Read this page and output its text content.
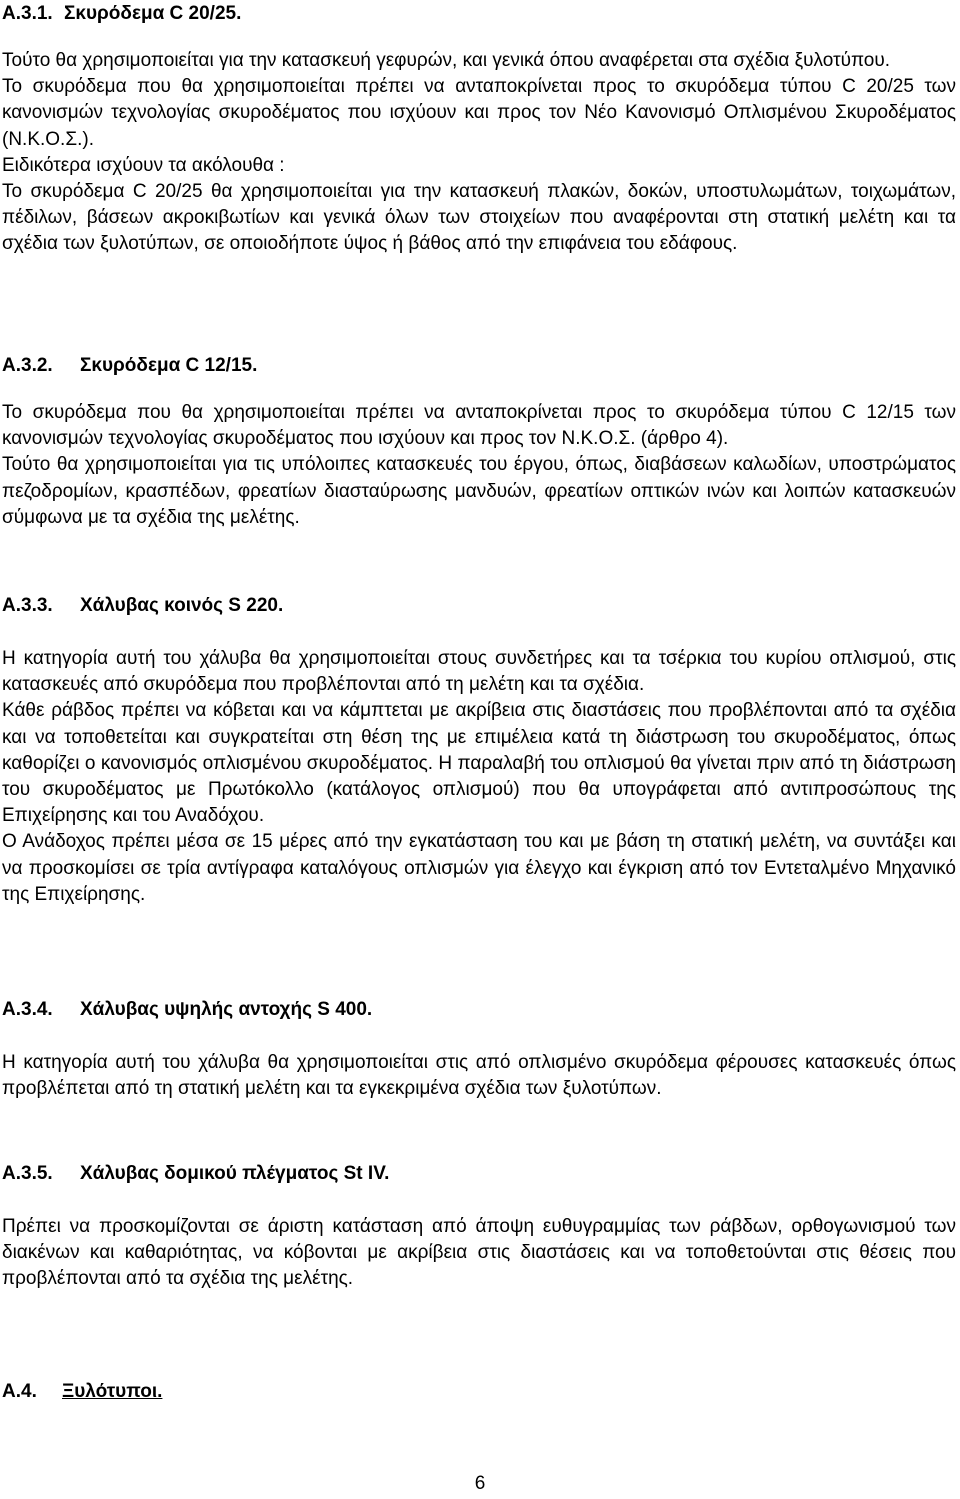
A.3.1. Σκυρόδεμα C 20/25.

Τούτο θα χρησιμοποιείται για την κατασκευή γεφυρών, και γενικά όπου αναφέρεται στα σχέδια ξυλοτύπου.

Το σκυρόδεμα που θα χρησιμοποιείται πρέπει να ανταποκρίνεται προς το σκυρόδεμα τύπου C 20/25 των κανονισμών τεχνολογίας σκυροδέματος που ισχύουν και προς τον Νέο Κανονισμό Οπλισμένου Σκυροδέματος (Ν.Κ.Ο.Σ.).

Ειδικότερα ισχύουν τα ακόλουθα :

Το σκυρόδεμα C 20/25 θα χρησιμοποιείται για την κατασκευή πλακών, δοκών, υποστυλωμάτων, τοιχωμάτων, πέδιλων, βάσεων ακροκιβωτίων και γενικά όλων των στοιχείων που αναφέρονται στη στατική μελέτη και τα σχέδια των ξυλοτύπων, σε οποιοδήποτε ύψος ή βάθος από την επιφάνεια του εδάφους.

A.3.2. Σκυρόδεμα C 12/15.

Το σκυρόδεμα που θα χρησιμοποιείται πρέπει να ανταποκρίνεται προς το σκυρόδεμα τύπου C 12/15 των κανονισμών τεχνολογίας σκυροδέματος που ισχύουν και προς τον Ν.Κ.Ο.Σ. (άρθρο 4).

Τούτο θα χρησιμοποιείται για τις υπόλοιπες κατασκευές του έργου, όπως, διαβάσεων καλωδίων, υποστρώματος πεζοδρομίων, κρασπέδων, φρεατίων διασταύρωσης μανδυών, φρεατίων οπτικών ινών και λοιπών κατασκευών σύμφωνα με τα σχέδια της μελέτης.

A.3.3. Χάλυβας κοινός S 220.

Η κατηγορία αυτή του χάλυβα θα χρησιμοποιείται στους συνδετήρες και τα τσέρκια του κυρίου οπλισμού, στις κατασκευές από σκυρόδεμα που προβλέπονται από τη μελέτη και τα σχέδια.

Κάθε ράβδος πρέπει να κόβεται και να κάμπτεται με ακρίβεια στις διαστάσεις που προβλέπονται από τα σχέδια και να τοποθετείται και συγκρατείται στη θέση της με επιμέλεια κατά τη διάστρωση του σκυροδέματος, όπως καθορίζει ο κανονισμός οπλισμένου σκυροδέματος. Η παραλαβή του οπλισμού θα γίνεται πριν από τη διάστρωση του σκυροδέματος με Πρωτόκολλο (κατάλογος οπλισμού) που θα υπογράφεται από αντιπροσώπους της Επιχείρησης και του Αναδόχου.

Ο Ανάδοχος πρέπει μέσα σε 15 μέρες από την εγκατάσταση του και με βάση τη στατική μελέτη, να συντάξει και να προσκομίσει σε τρία αντίγραφα καταλόγους οπλισμών για έλεγχο και έγκριση από τον Εντεταλμένο Μηχανικό της Επιχείρησης.

A.3.4. Χάλυβας υψηλής αντοχής S 400.

Η κατηγορία αυτή του χάλυβα θα χρησιμοποιείται στις από οπλισμένο σκυρόδεμα φέρουσες κατασκευές όπως προβλέπεται από τη στατική μελέτη και τα εγκεκριμένα σχέδια των ξυλοτύπων.

A.3.5. Χάλυβας δομικού πλέγματος St IV.

Πρέπει να προσκομίζονται σε άριστη κατάσταση από άποψη ευθυγραμμίας των ράβδων, ορθογωνισμού των διακένων και καθαριότητας, να κόβονται με ακρίβεια στις διαστάσεις και να τοποθετούνται στις θέσεις που προβλέπονται από τα σχέδια της μελέτης.

A.4. Ξυλότυποι.
6
